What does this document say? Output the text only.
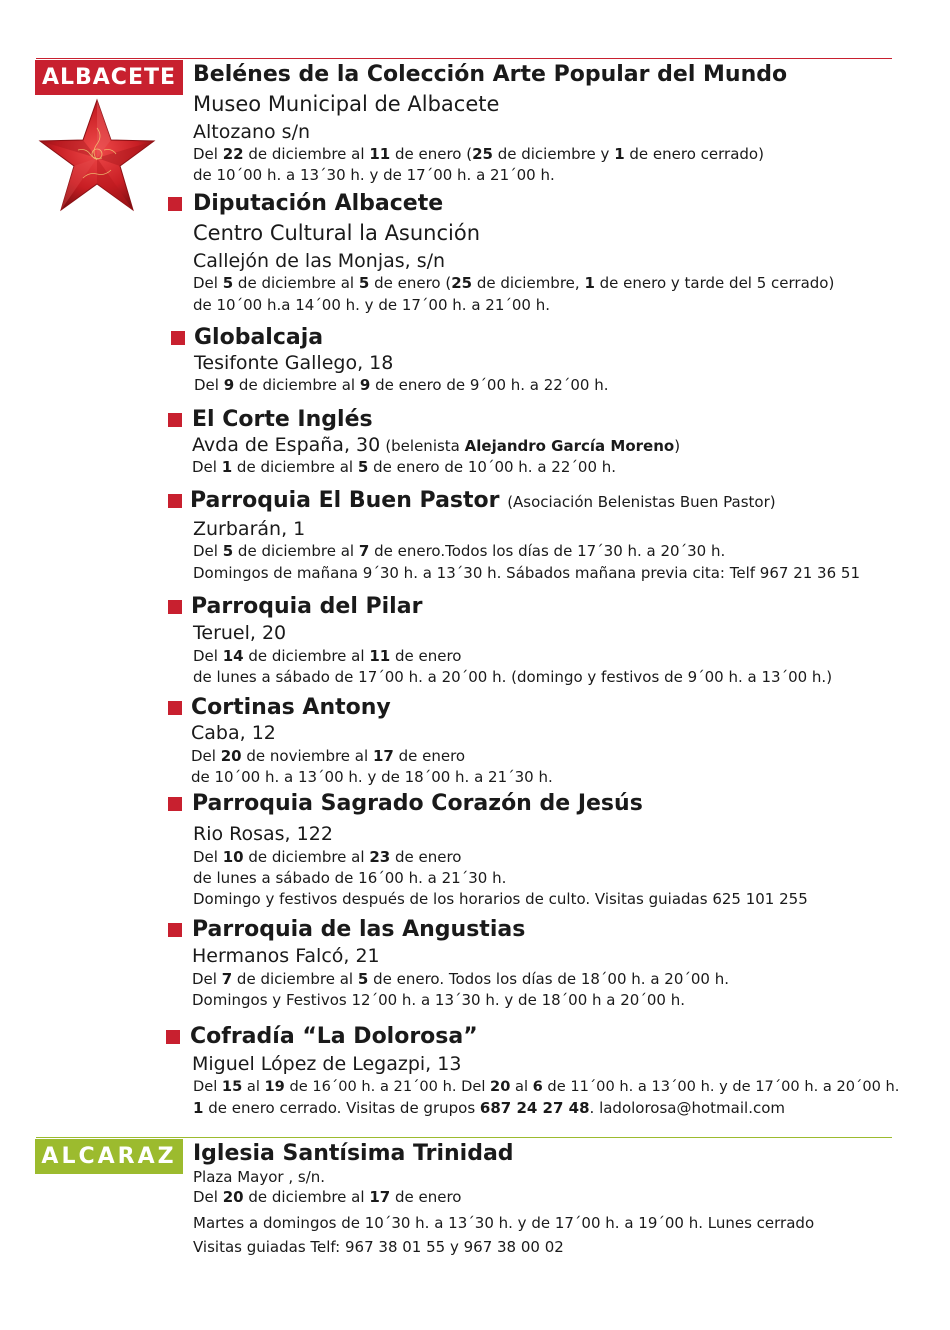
ALBACETE Belénes de la Colección Arte Popular del Mundo
Museo Municipal de Albacete
Altozano s/n
Del 22 de diciembre al 11 de enero (25 de diciembre y 1 de enero cerrado)
de 10´00 h. a 13´30 h. y de 17´00 h. a 21´00 h.
Diputación Albacete
Centro Cultural la Asunción
Callejón de las Monjas, s/n
Del 5 de diciembre al 5 de enero (25 de diciembre, 1 de enero y tarde del 5 cerrado)
de 10´00 h.a 14´00 h. y de 17´00 h. a 21´00 h.
Globalcaja
Tesifonte Gallego, 18
Del 9 de diciembre al 9 de enero de 9´00 h. a 22´00 h.
El Corte Inglés
Avda de España, 30 (belenista Alejandro García Moreno)
Del 1 de diciembre al 5 de enero de 10´00 h. a 22´00 h.
Parroquia El Buen Pastor (Asociación Belenistas Buen Pastor)
Zurbarán, 1
Del 5 de diciembre al 7 de enero.Todos los días de 17´30 h. a 20´30 h.
Domingos de mañana 9´30 h. a 13´30 h. Sábados mañana previa cita: Telf 967 21 36 51
Parroquia del Pilar
Teruel, 20
Del 14 de diciembre al 11 de enero
de lunes a sábado de 17´00 h. a 20´00 h. (domingo y festivos de 9´00 h. a 13´00 h.)
Cortinas Antony
Caba, 12
Del 20 de noviembre al 17 de enero
de 10´00 h. a 13´00 h. y de 18´00 h. a 21´30 h.
Parroquia Sagrado Corazón de Jesús
Rio Rosas, 122
Del 10 de diciembre al 23 de enero
de lunes a sábado de 16´00 h. a 21´30 h.
Domingo y festivos después de los horarios de culto. Visitas guiadas 625 101 255
Parroquia de las Angustias
Hermanos Falcó, 21
Del 7 de diciembre al 5 de enero. Todos los días de 18´00 h. a 20´00 h.
Domingos y Festivos 12´00 h. a 13´30 h. y de 18´00 h a 20´00 h.
Cofradía “La Dolorosa”
Miguel López de Legazpi, 13
Del 15 al 19 de 16´00 h. a 21´00 h. Del 20 al 6 de 11´00 h. a 13´00 h. y de 17´00 h. a 20´00 h.
1 de enero cerrado. Visitas de grupos 687 24 27 48. ladolorosa@hotmail.com
ALCARAZ Iglesia Santísima Trinidad
Plaza Mayor , s/n.
Del 20 de diciembre al 17 de enero
Martes a domingos de 10´30 h. a 13´30 h. y de 17´00 h. a 19´00 h. Lunes cerrado
Visitas guiadas Telf: 967 38 01 55 y 967 38 00 02
